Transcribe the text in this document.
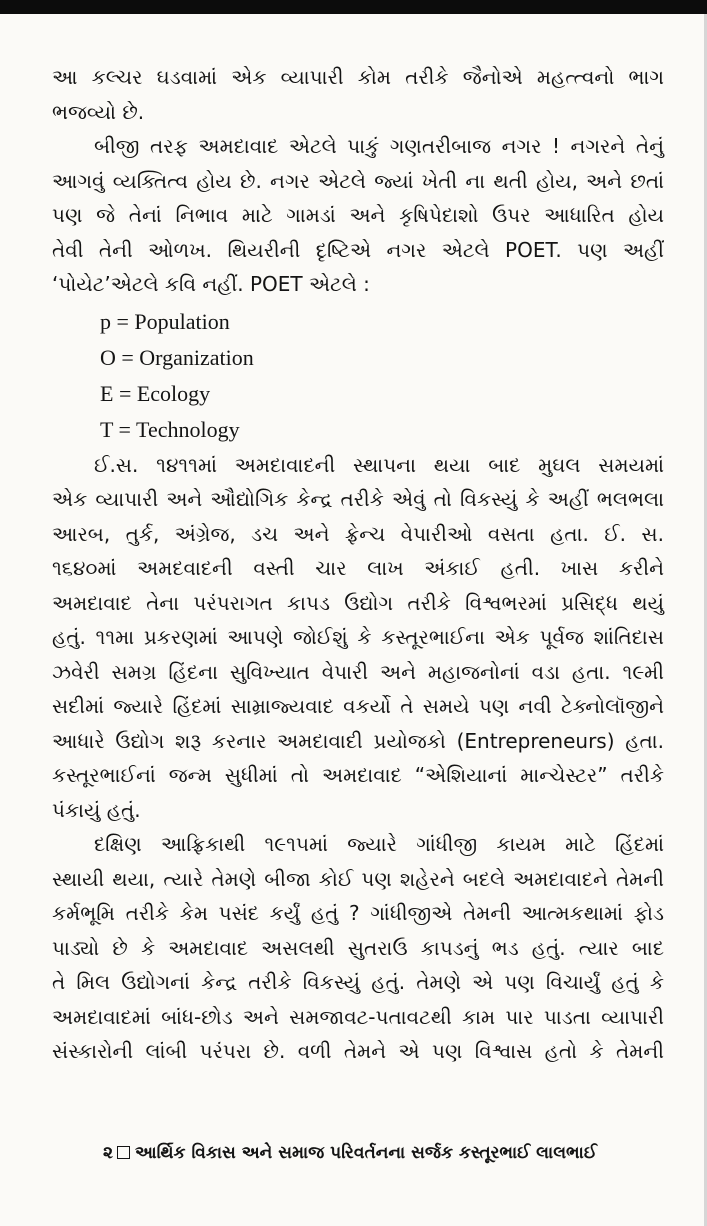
આ કલ્ચર ઘડવામાં એક વ્યાપારી કોમ તરીકે જૈનોએ મહત્ત્વનો ભાગ

ભજવ્યો છે.

બીજી તરફ અમદાવાદ એટલે પાકું ગણતરીબાજ નગર ! નગરને તેનું

આગવું વ્યક્તિત્વ હોય છે. નગર એટલે જ્યાં ખેતી ના થતી હોય, અને છતાં

પણ જે તેનાં નિભાવ માટે ગામડાં અને કૃષિપેદાશો ઉપર આધારિત હોય

તેવી તેની ઓળખ. થિયરીની દૃષ્ટિએ નગર એટલે POET. પણ અહીં

‘પોયેટ’એટલે કવિ નહીં. POET એટલે :

p = Population
O = Organization
E = Ecology
T = Technology

ઈ.સ. ૧૪૧૧માં અમદાવાદની સ્થાપના થયા બાદ મુઘલ સમયમાં

એક વ્યાપારી અને ઔદ્યોગિક કેન્દ્ર તરીકે એવું તો વિકસ્યું કે અહીં ભલભલા

આરબ, તુર્ક, અંગ્રેજ, ડચ અને ફ્રેન્ચ વેપારીઓ વસતા હતા. ઈ. સ.

૧૬૪૦માં અમદવાદની વસ્તી ચાર લાખ અંકાઈ હતી. ખાસ કરીને

અમદાવાદ તેના પરંપરાગત કાપડ ઉદ્યોગ તરીકે વિશ્વભરમાં પ્રસિદ્ધ થયું

હતું. ૧૧મા પ્રકરણમાં આપણે જોઈશું કે કસ્તૂરભાઈના એક પૂર્વજ શાંતિદાસ

ઝવેરી સમગ્ર હિંદના સુવિખ્યાત વેપારી અને મહાજનોનાં વડા હતા. ૧૯મી

સદીમાં જ્યારે હિંદમાં સામ્રાજ્યવાદ વકર્યો તે સમયે પણ નવી ટેક્નોલૉજીને

આધારે ઉદ્યોગ શરૂ કરનાર અમદાવાદી પ્રયોજકો (Entrepreneurs) હતા.

કસ્તૂરભાઈનાં જન્મ સુધીમાં તો અમદાવાદ “એશિયાનાં માન્ચેસ્ટર” તરીકે

પંકાયું હતું.

દક્ષિણ આફ્રિકાથી ૧૯૧૫માં જ્યારે ગાંધીજી કાયમ માટે હિંદમાં

સ્થાયી થયા, ત્યારે તેમણે બીજા કોઈ પણ શહેરને બદલે અમદાવાદને તેમની

કર્મભૂમિ તરીકે કેમ પસંદ કર્યું હતું ? ગાંધીજીએ તેમની આત્મકથામાં ફોડ

પાડ્યો છે કે અમદાવાદ અસલથી સુતરાઉ કાપડનું ભડ હતું. ત્યાર બાદ

તે મિલ ઉદ્યોગનાં કેન્દ્ર તરીકે વિકસ્યું હતું. તેમણે એ પણ વિચાર્યું હતું કે

અમદાવાદમાં બાંધ-છોડ અને સમજાવટ-પતાવટથી કામ પાર પાડતા વ્યાપારી

સંસ્કારોની લાંબી પરંપરા છે. વળી તેમને એ પણ વિશ્વાસ હતો કે તેમની

૨ આર્થિક વિકાસ અને સમાજ પરિવર્તનના સર્જક કસ્તૂરભાઈ લાલભાઈ
